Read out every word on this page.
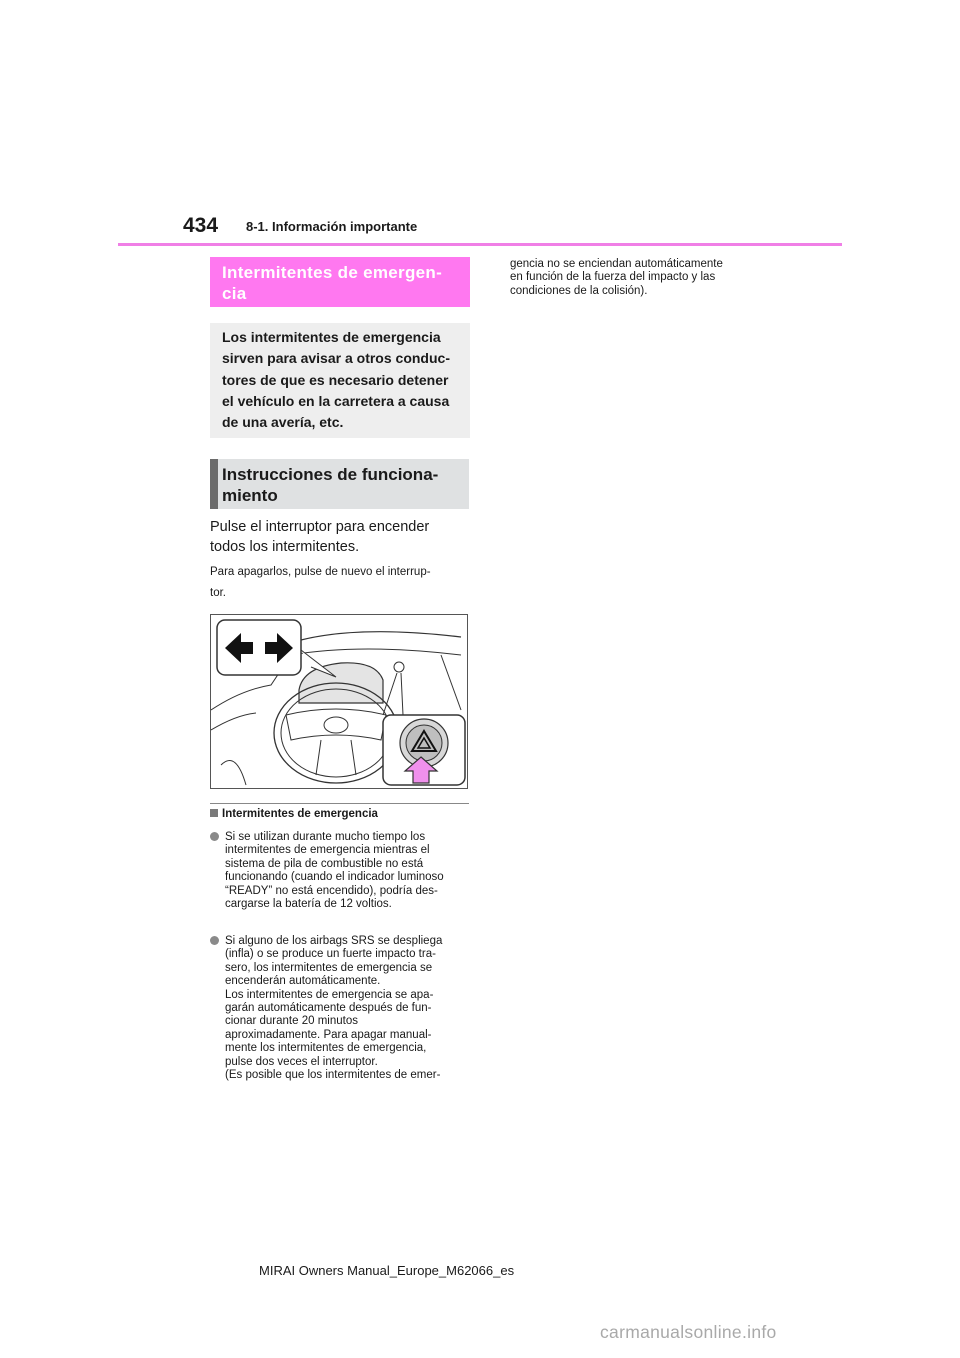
434 8-1. Información importante
Intermitentes de emergen-
cia
Los intermitentes de emergencia
sirven para avisar a otros conduc-
tores de que es necesario detener
el vehículo en la carretera a causa
de una avería, etc.
Instrucciones de funciona-
miento
Pulse el interruptor para encender
todos los intermitentes.
Para apagarlos, pulse de nuevo el interrup-
tor.
Intermitentes de emergencia
Si se utilizan durante mucho tiempo los
intermitentes de emergencia mientras el
sistema de pila de combustible no está
funcionando (cuando el indicador luminoso
“READY” no está encendido), podría des-
cargarse la batería de 12 voltios.
Si alguno de los airbags SRS se despliega
(infla) o se produce un fuerte impacto tra-
sero, los intermitentes de emergencia se
encenderán automáticamente.
Los intermitentes de emergencia se apa-
garán automáticamente después de fun-
cionar durante 20 minutos
aproximadamente. Para apagar manual-
mente los intermitentes de emergencia,
pulse dos veces el interruptor.
(Es posible que los intermitentes de emer-
gencia no se enciendan automáticamente
en función de la fuerza del impacto y las
condiciones de la colisión).
MIRAI Owners Manual_Europe_M62066_es
carmanualsonline.info
